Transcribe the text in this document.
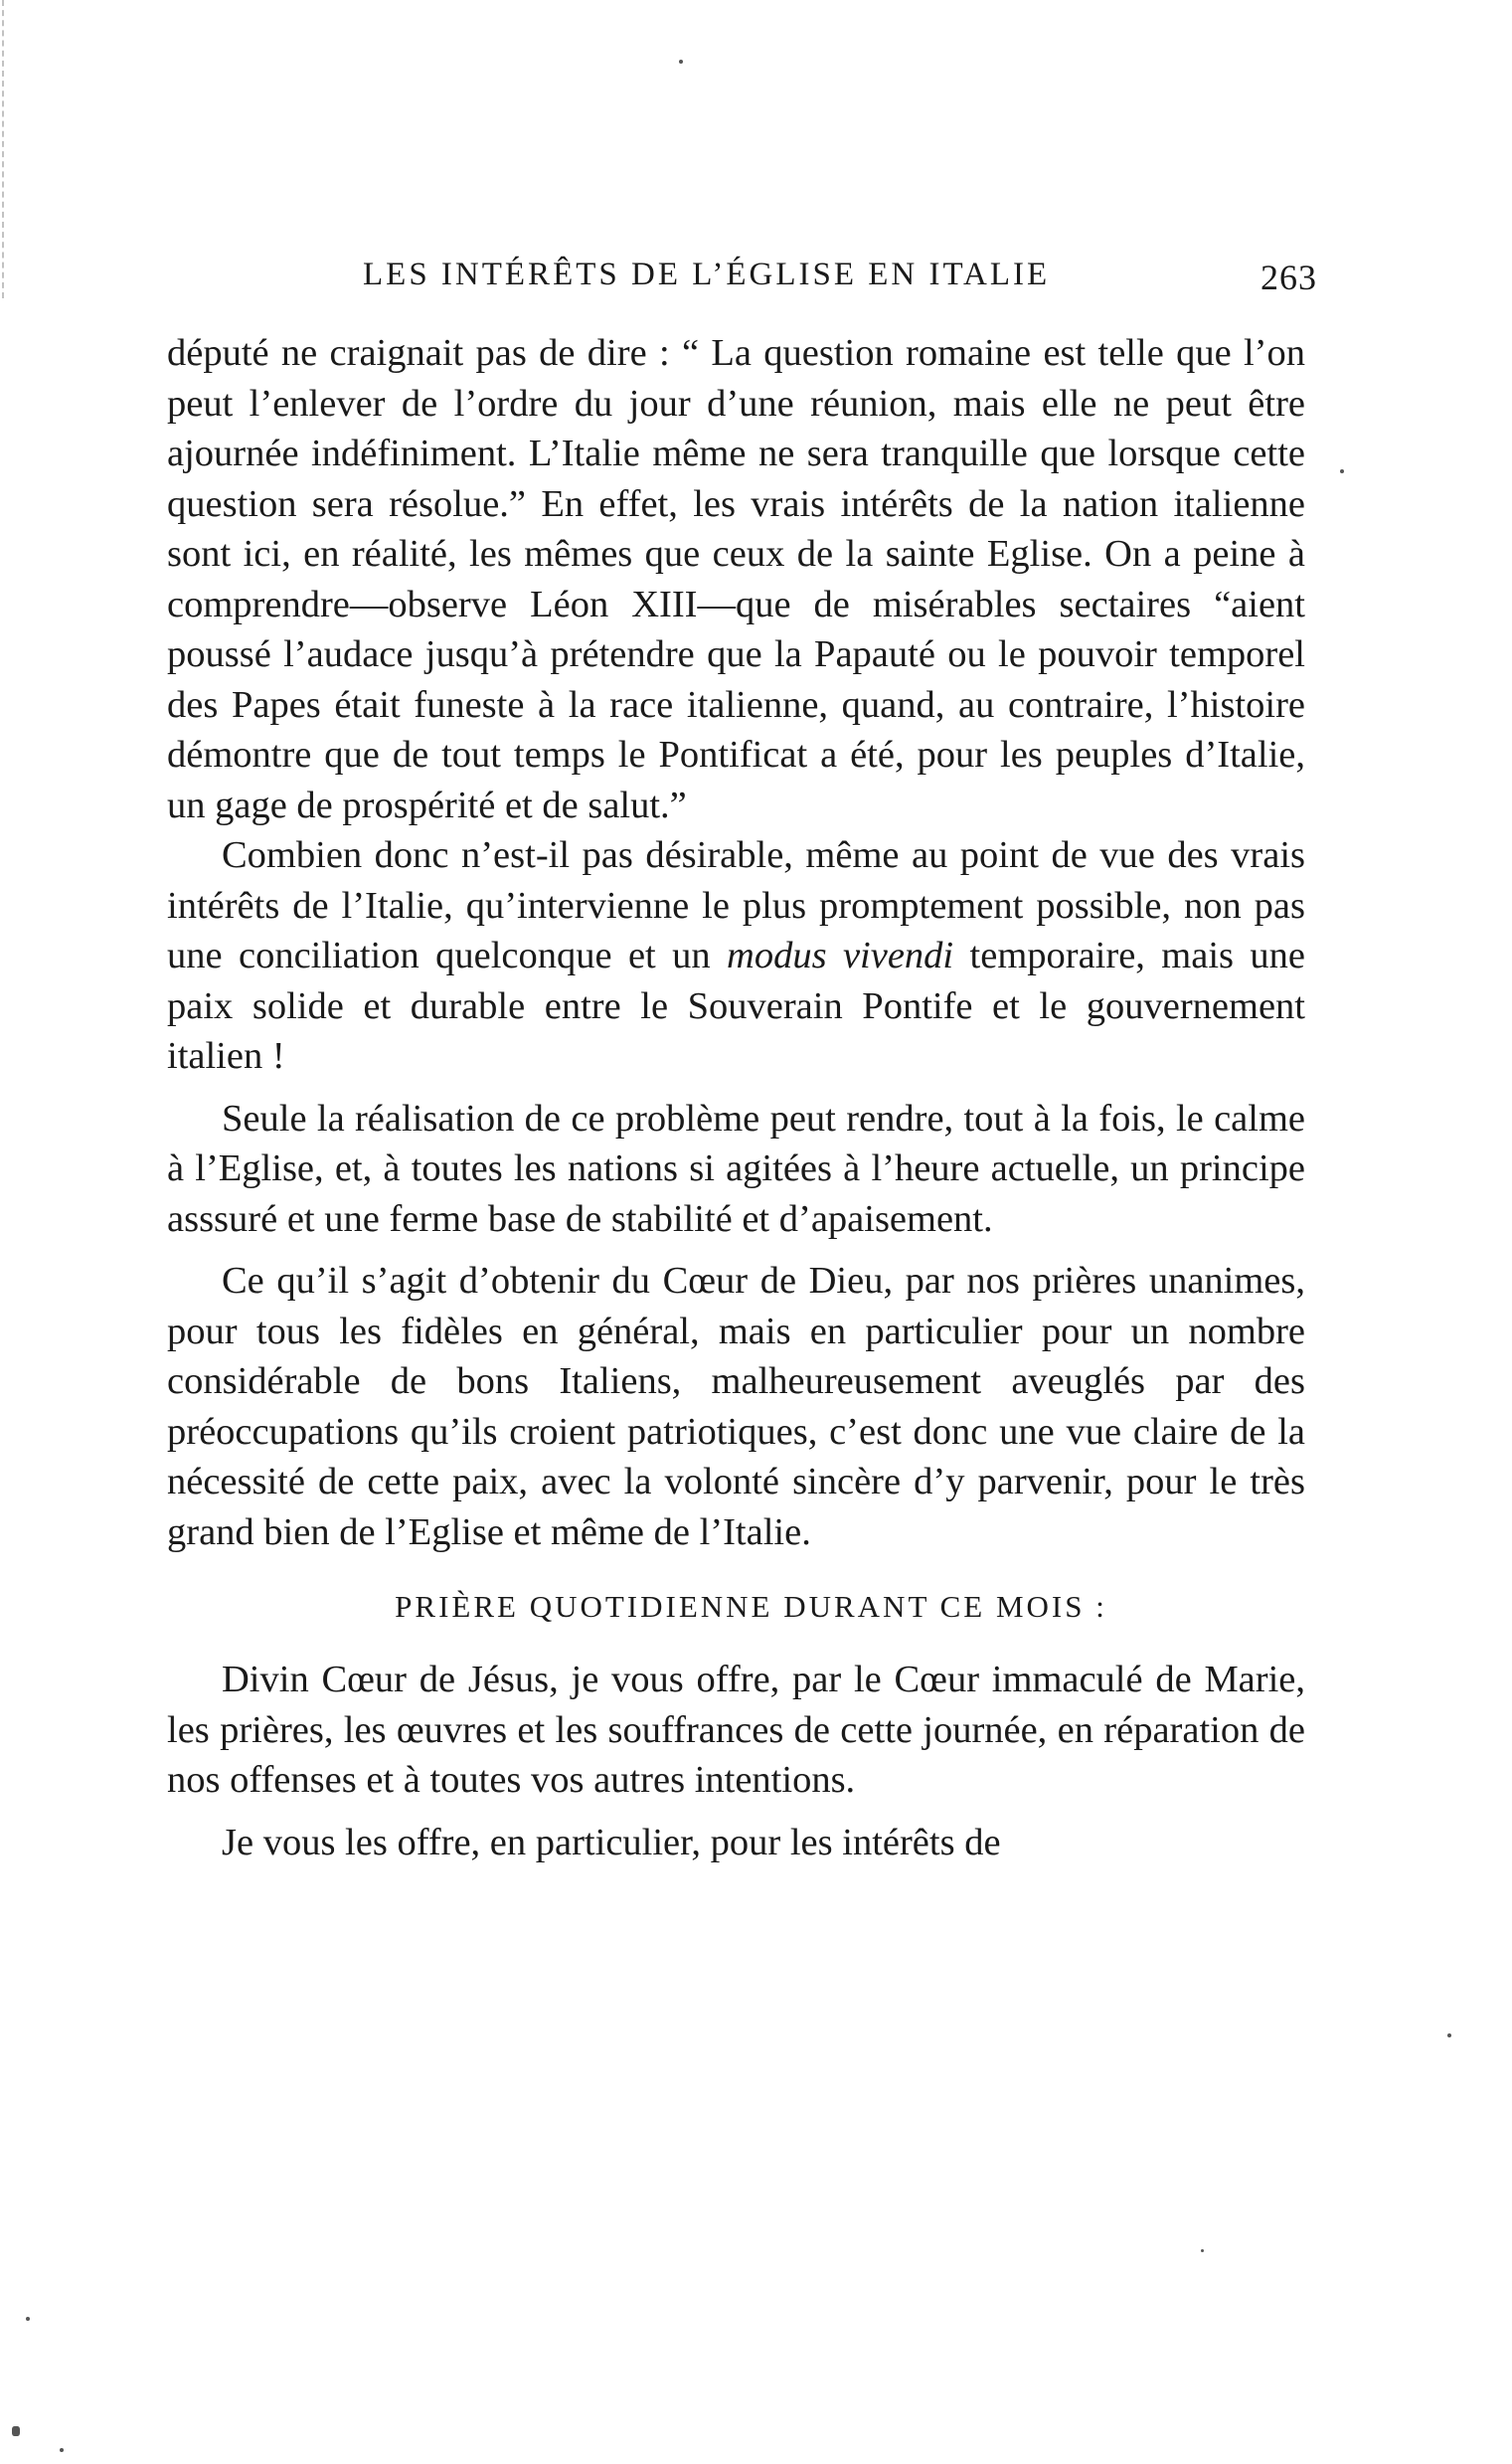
LES INTÉRÊTS DE L’ÉGLISE EN ITALIE	263

député ne craignait pas de dire : “ La question romaine est telle que l’on peut l’enlever de l’ordre du jour d’une réunion, mais elle ne peut être ajournée indéfiniment. L’Italie même ne sera tranquille que lorsque cette question sera résolue.” En effet, les vrais intérêts de la nation italienne sont ici, en réalité, les mêmes que ceux de la sainte Eglise. On a peine à comprendre—observe Léon XIII—que de misérables sectaires “aient poussé l’audace jusqu’à prétendre que la Papauté ou le pouvoir temporel des Papes était funeste à la race italienne, quand, au contraire, l’histoire démontre que de tout temps le Pontificat a été, pour les peuples d’Italie, un gage de prospérité et de salut.”

Combien donc n’est-il pas désirable, même au point de vue des vrais intérêts de l’Italie, qu’intervienne le plus promptement possible, non pas une conciliation quelconque et un modus vivendi temporaire, mais une paix solide et durable entre le Souverain Pontife et le gouvernement italien !

Seule la réalisation de ce problème peut rendre, tout à la fois, le calme à l’Eglise, et, à toutes les nations si agitées à l’heure actuelle, un principe asssuré et une ferme base de stabilité et d’apaisement.

Ce qu’il s’agit d’obtenir du Cœur de Dieu, par nos prières unanimes, pour tous les fidèles en général, mais en particulier pour un nombre considérable de bons Italiens, malheureusement aveuglés par des préoccupations qu’ils croient patriotiques, c’est donc une vue claire de la nécessité de cette paix, avec la volonté sincère d’y parvenir, pour le très grand bien de l’Eglise et même de l’Italie.

PRIÈRE QUOTIDIENNE DURANT CE MOIS :

Divin Cœur de Jésus, je vous offre, par le Cœur immaculé de Marie, les prières, les œuvres et les souffrances de cette journée, en réparation de nos offenses et à toutes vos autres intentions.

Je vous les offre, en particulier, pour les intérêts de
